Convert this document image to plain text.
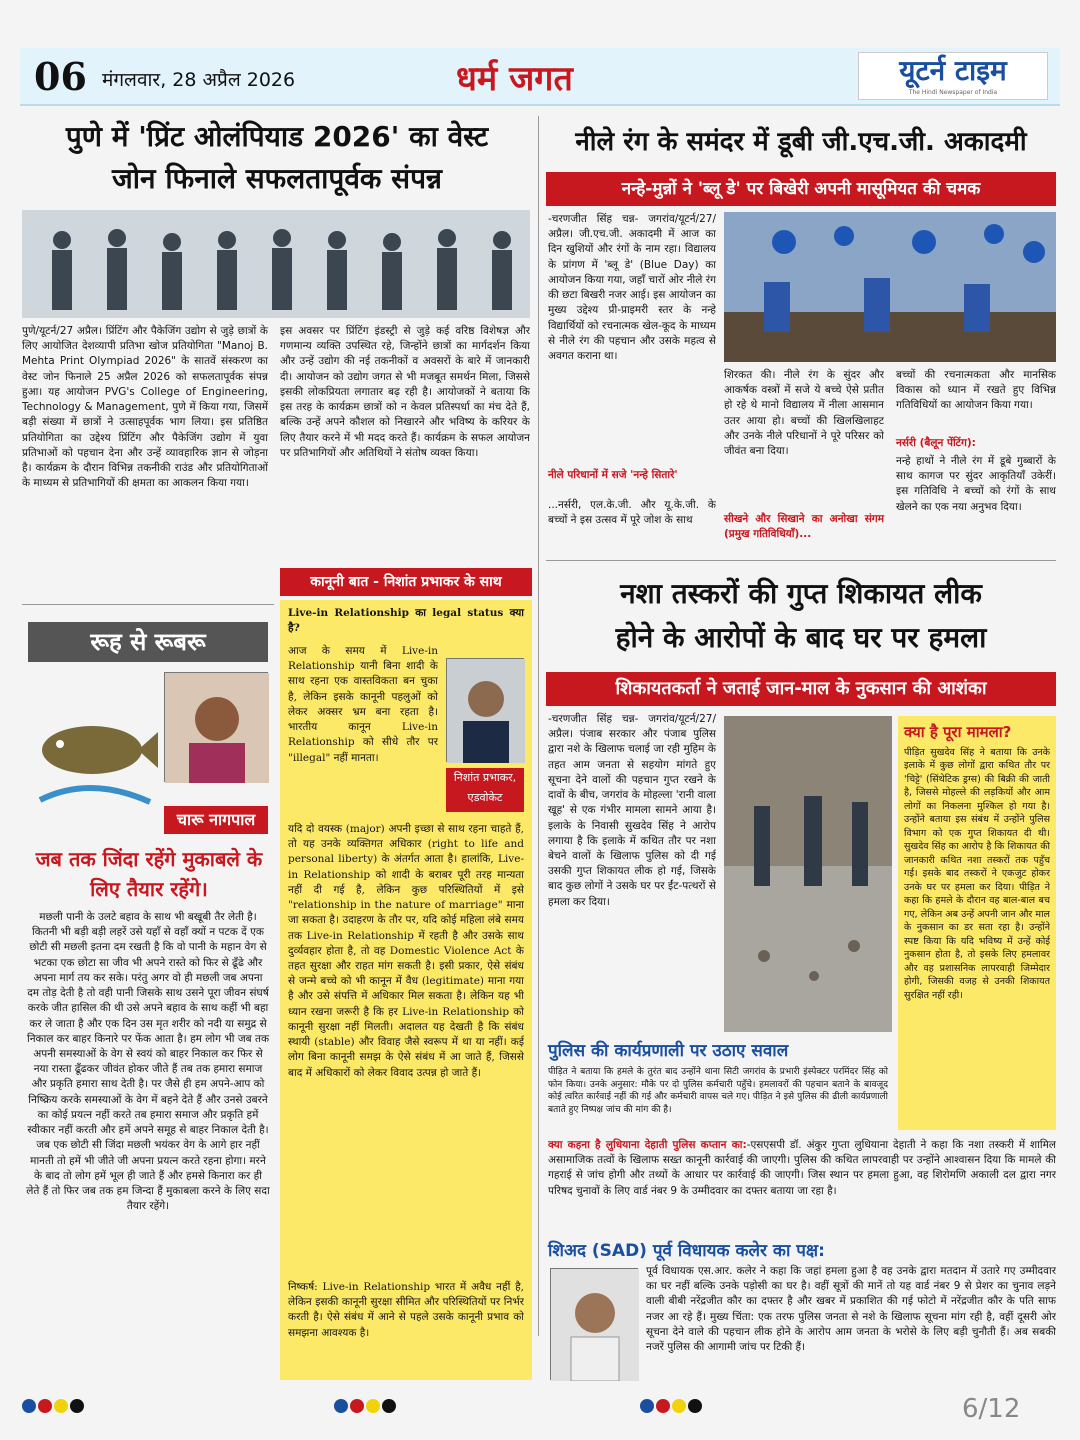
06 मंगलवार, 28 अप्रैल 2026	धर्म जगत	यूटर्न टाइम
The Hindi Newspaper of India
पुणे में 'प्रिंट ओलंपियाड 2026' का वेस्ट
जोन फिनाले सफलतापूर्वक संपन्न
पुणे/यूटर्न/27 अप्रैल। प्रिंटिंग और पैकेजिंग उद्योग से जुड़े छात्रों के लिए आयोजित देशव्यापी प्रतिभा खोज प्रतियोगिता "Manoj B. Mehta Print Olympiad 2026" के सातवें संस्करण का वेस्ट जोन फिनाले 25 अप्रैल 2026 को सफलतापूर्वक संपन्न हुआ। यह आयोजन PVG's College of Engineering, Technology & Management, पुणे में किया गया, जिसमें बड़ी संख्या में छात्रों ने उत्साहपूर्वक भाग लिया। इस प्रतिष्ठित प्रतियोगिता का उद्देश्य प्रिंटिंग और पैकेजिंग उद्योग में युवा प्रतिभाओं को पहचान देना और उन्हें व्यावहारिक ज्ञान से जोड़ना है। कार्यक्रम के दौरान विभिन्न तकनीकी राउंड और प्रतियोगिताओं के माध्यम से प्रतिभागियों की क्षमता का आकलन किया गया।
इस अवसर पर प्रिंटिंग इंडस्ट्री से जुड़े कई वरिष्ठ विशेषज्ञ और गणमान्य व्यक्ति उपस्थित रहे, जिन्होंने छात्रों का मार्गदर्शन किया और उन्हें उद्योग की नई तकनीकों व अवसरों के बारे में जानकारी दी। आयोजन को उद्योग जगत से भी मजबूत समर्थन मिला, जिससे इसकी लोकप्रियता लगातार बढ़ रही है। आयोजकों ने बताया कि इस तरह के कार्यक्रम छात्रों को न केवल प्रतिस्पर्धा का मंच देते हैं, बल्कि उन्हें अपने कौशल को निखारने और भविष्य के करियर के लिए तैयार करने में भी मदद करते हैं। कार्यक्रम के सफल आयोजन पर प्रतिभागियों और अतिथियों ने संतोष व्यक्त किया।
नीले रंग के समंदर में डूबी जी.एच.जी. अकादमी
नन्हे-मुन्नों ने 'ब्लू डे' पर बिखेरी अपनी मासूमियत की चमक
-चरणजीत सिंह चन्न- जगरांव/यूटर्न/27/अप्रैल। जी.एच.जी. अकादमी में आज का दिन खुशियों और रंगों के नाम रहा। विद्यालय के प्रांगण में 'ब्लू डे' (Blue Day) का आयोजन किया गया, जहाँ चारों ओर नीले रंग की छटा बिखरी नजर आई। इस आयोजन का मुख्य उद्देश्य प्री-प्राइमरी स्तर के नन्हे विद्यार्थियों को रचनात्मक खेल-कूद के माध्यम से नीले रंग की पहचान और उसके महत्व से अवगत कराना था।
नीले परिधानों में सजे 'नन्हे सितारे'
...नर्सरी, एल.के.जी. और यू.के.जी. के बच्चों ने इस उत्सव में पूरे जोश के साथ
शिरकत की। नीले रंग के सुंदर और आकर्षक वस्त्रों में सजे ये बच्चे ऐसे प्रतीत हो रहे थे मानो विद्यालय में नीला आसमान उतर आया हो। बच्चों की खिलखिलाहट और उनके नीले परिधानों ने पूरे परिसर को जीवंत बना दिया।
सीखने और सिखाने का अनोखा संगम (प्रमुख गतिविधियाँ)...
बच्चों की रचनात्मकता और मानसिक विकास को ध्यान में रखते हुए विभिन्न गतिविधियों का आयोजन किया गया।
नर्सरी (बैलून पेंटिंग):
नन्हे हाथों ने नीले रंग में डूबे गुब्बारों के साथ कागज पर सुंदर आकृतियाँ उकेरीं। इस गतिविधि ने बच्चों को रंगों के साथ खेलने का एक नया अनुभव दिया।
रूह से रूबरू
चारू नागपाल
जब तक जिंदा रहेंगे मुकाबले के लिए तैयार रहेंगे।
मछली पानी के उलटे बहाव के साथ भी बखूबी तैर लेती है। कितनी भी बड़ी बड़ी लहरें उसे यहाँ से वहाँ क्यों न पटक दें एक छोटी सी मछली इतना दम रखती है कि वो पानी के महान वेग से भटका एक छोटा सा जीव भी अपने रास्ते को फिर से ढूँढे और अपना मार्ग तय कर सके। परंतु अगर वो ही मछली जब अपना दम तोड़ देती है तो वही पानी जिसके साथ उसने पूरा जीवन संघर्ष करके जीत हासिल की थी उसे अपने बहाव के साथ कहीं भी बहा कर ले जाता है और एक दिन उस मृत शरीर को नदी या समुद्र से निकाल कर बाहर किनारे पर फेंक आता है। हम लोग भी जब तक अपनी समस्याओं के वेग से स्वयं को बाहर निकाल कर फिर से नया रास्ता ढूँढकर जीवंत होकर जीते हैं तब तक हमारा समाज और प्रकृति हमारा साथ देती है। पर जैसे ही हम अपने-आप को निष्क्रिय करके समस्याओं के वेग में बहने देते हैं और उनसे उबरने का कोई प्रयत्न नहीं करते तब हमारा समाज और प्रकृति हमें स्वीकार नहीं करती और हमें अपने समूह से बाहर निकाल देती है। जब एक छोटी सी जिंदा मछली भयंकर वेग के आगे हार नहीं मानती तो हमें भी जीते जी अपना प्रयत्न करते रहना होगा। मरने के बाद तो लोग हमें भूल ही जाते हैं और हमसे किनारा कर ही लेते हैं तो फिर जब तक हम जिन्दा हैं मुकाबला करने के लिए सदा तैयार रहेंगे।
कानूनी बात - निशांत प्रभाकर के साथ
Live-in Relationship का legal status क्या है?
आज के समय में Live-in Relationship यानी बिना शादी के साथ रहना एक वास्तविकता बन चुका है, लेकिन इसके कानूनी पहलुओं को लेकर अक्सर भ्रम बना रहता है। भारतीय कानून Live-in Relationship को सीधे तौर पर "illegal" नहीं मानता।
निशांत प्रभाकर, एडवोकेट
यदि दो वयस्क (major) अपनी इच्छा से साथ रहना चाहते हैं, तो यह उनके व्यक्तिगत अधिकार (right to life and personal liberty) के अंतर्गत आता है। हालांकि, Live-in Relationship को शादी के बराबर पूरी तरह मान्यता नहीं दी गई है, लेकिन कुछ परिस्थितियों में इसे "relationship in the nature of marriage" माना जा सकता है। उदाहरण के तौर पर, यदि कोई महिला लंबे समय तक Live-in Relationship में रहती है और उसके साथ दुर्व्यवहार होता है, तो वह Domestic Violence Act के तहत सुरक्षा और राहत मांग सकती है। इसी प्रकार, ऐसे संबंध से जन्मे बच्चे को भी कानून में वैध (legitimate) माना गया है और उसे संपत्ति में अधिकार मिल सकता है। लेकिन यह भी ध्यान रखना जरूरी है कि हर Live-in Relationship को कानूनी सुरक्षा नहीं मिलती। अदालत यह देखती है कि संबंध स्थायी (stable) और विवाह जैसे स्वरूप में था या नहीं। कई लोग बिना कानूनी समझ के ऐसे संबंध में आ जाते हैं, जिससे बाद में अधिकारों को लेकर विवाद उत्पन्न हो जाते हैं।
निष्कर्ष: Live-in Relationship भारत में अवैध नहीं है, लेकिन इसकी कानूनी सुरक्षा सीमित और परिस्थितियों पर निर्भर करती है। ऐसे संबंध में आने से पहले उसके कानूनी प्रभाव को समझना आवश्यक है।
नशा तस्करों की गुप्त शिकायत लीक
होने के आरोपों के बाद घर पर हमला
शिकायतकर्ता ने जताई जान-माल के नुकसान की आशंका
-चरणजीत सिंह चन्न- जगरांव/यूटर्न/27/अप्रैल। पंजाब सरकार और पंजाब पुलिस द्वारा नशे के खिलाफ चलाई जा रही मुहिम के तहत आम जनता से सहयोग मांगते हुए सूचना देने वालों की पहचान गुप्त रखने के दावों के बीच, जगरांव के मोहल्ला 'रानी वाला खूह' से एक गंभीर मामला सामने आया है। इलाके के निवासी सुखदेव सिंह ने आरोप लगाया है कि इलाके में कथित तौर पर नशा बेचने वालों के खिलाफ पुलिस को दी गई उसकी गुप्त शिकायत लीक हो गई, जिसके बाद कुछ लोगों ने उसके घर पर ईंट-पत्थरों से हमला कर दिया।
क्या है पूरा मामला?
पीड़ित सुखदेव सिंह ने बताया कि उनके इलाके में कुछ लोगों द्वारा कथित तौर पर 'चिट्टे' (सिंथेटिक ड्रग्स) की बिक्री की जाती है, जिससे मोहल्ले की लड़कियों और आम लोगों का निकलना मुश्किल हो गया है। उन्होंने बताया इस संबंध में उन्होंने पुलिस विभाग को एक गुप्त शिकायत दी थी। सुखदेव सिंह का आरोप है कि शिकायत की जानकारी कथित नशा तस्करों तक पहुँच गई। इसके बाद तस्करों ने एकजुट होकर उनके घर पर हमला कर दिया। पीड़ित ने कहा कि हमले के दौरान वह बाल-बाल बच गए, लेकिन अब उन्हें अपनी जान और माल के नुकसान का डर सता रहा है। उन्होंने स्पष्ट किया कि यदि भविष्य में उन्हें कोई नुकसान होता है, तो इसके लिए हमलावर और वह प्रशासनिक लापरवाही जिम्मेदार होगी, जिसकी वजह से उनकी शिकायत सुरक्षित नहीं रही।
पुलिस की कार्यप्रणाली पर उठाए सवाल
पीड़ित ने बताया कि हमले के तुरंत बाद उन्होंने थाना सिटी जगरांव के प्रभारी इंस्पेक्टर परमिंदर सिंह को फोन किया। उनके अनुसार: मौके पर दो पुलिस कर्मचारी पहुँचे। हमलावरों की पहचान बताने के बावजूद कोई त्वरित कार्रवाई नहीं की गई और कर्मचारी वापस चले गए। पीड़ित ने इसे पुलिस की ढीली कार्यप्रणाली बताते हुए निष्पक्ष जांच की मांग की है।
क्या कहना है लुधियाना देहाती पुलिस कप्तान का:-एसएसपी डॉ. अंकुर गुप्ता लुधियाना देहाती ने कहा कि नशा तस्करी में शामिल असामाजिक तत्वों के खिलाफ सख्त कानूनी कार्रवाई की जाएगी। पुलिस की कथित लापरवाही पर उन्होंने आश्वासन दिया कि मामले की गहराई से जांच होगी और तथ्यों के आधार पर कार्रवाई की जाएगी। जिस स्थान पर हमला हुआ, वह शिरोमणि अकाली दल द्वारा नगर परिषद चुनावों के लिए वार्ड नंबर 9 के उम्मीदवार का दफ्तर बताया जा रहा है।
शिअद (SAD) पूर्व विधायक कलेर का पक्ष:
पूर्व विधायक एस.आर. कलेर ने कहा कि जहां हमला हुआ है वह उनके द्वारा मतदान में उतारे गए उम्मीदवार का घर नहीं बल्कि उनके पड़ोसी का घर है। वहीं सूत्रों की मानें तो यह वार्ड नंबर 9 से प्रेशर का चुनाव लड़ने वाली बीबी नरेंद्रजीत कौर का दफ्तर है और खबर में प्रकाशित की गई फोटो में नरेंद्रजीत कौर के पति साफ नजर आ रहे हैं। मुख्य चिंता: एक तरफ पुलिस जनता से नशे के खिलाफ सूचना मांग रही है, वहीं दूसरी ओर सूचना देने वाले की पहचान लीक होने के आरोप आम जनता के भरोसे के लिए बड़ी चुनौती हैं। अब सबकी नजरें पुलिस की आगामी जांच पर टिकी हैं।
6/12
